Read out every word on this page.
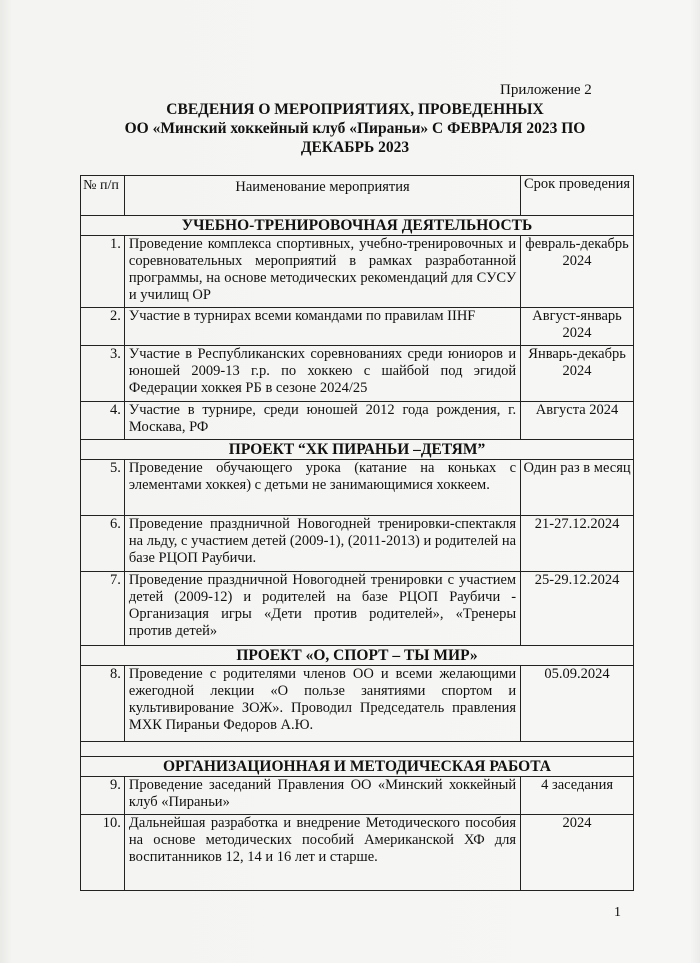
Приложение 2
СВЕДЕНИЯ О МЕРОПРИЯТИЯХ, ПРОВЕДЕННЫХ
ОО «Минский хоккейный клуб «Пираньи» С ФЕВРАЛЯ 2023 ПО
ДЕКАБРЬ 2023
№ п/п	Наименование мероприятия	Срок проведения
УЧЕБНО-ТРЕНИРОВОЧНАЯ ДЕЯТЕЛЬНОСТЬ		
1.	Проведение комплекса спортивных, учебно-тренировочных и соревновательных мероприятий в рамках разработанной программы, на основе методических рекомендаций для СУСУ и училищ ОР	февраль-декабрь 2024
2.	Участие в турнирах всеми командами по правилам IIHF	Август-январь 2024
3.	Участие в Республиканских соревнованиях среди юниоров и юношей 2009-13 г.р. по хоккею с шайбой под эгидой Федерации хоккея РБ в сезоне 2024/25	Январь-декабрь 2024
4.	Участие в турнире, среди юношей 2012 года рождения, г. Москава, РФ	Августа 2024
ПРОЕКТ “ХК ПИРАНЬИ –ДЕТЯМ”		
5.	Проведение обучающего урока (катание на коньках с элементами хоккея) с детьми не занимающимися хоккеем.	Один раз в месяц
6.	Проведение праздничной Новогодней тренировки-спектакля на льду, с участием детей (2009-1), (2011-2013) и родителей на базе РЦОП Раубичи.	21-27.12.2024
7.	Проведение праздничной Новогодней тренировки с участием детей (2009-12) и родителей на базе РЦОП Раубичи - Организация игры «Дети против родителей», «Тренеры против детей»	25-29.12.2024
ПРОЕКТ «О, СПОРТ – ТЫ МИР»		
8.	Проведение с родителями членов ОО и всеми желающими ежегодной лекции «О пользе занятиями спортом и культивирование ЗОЖ». Проводил Председатель правления МХК Пираньи Федоров А.Ю.	05.09.2024

ОРГАНИЗАЦИОННАЯ И МЕТОДИЧЕСКАЯ РАБОТА		
9.	Проведение заседаний Правления ОО «Минский хоккейный клуб «Пираньи»	4 заседания
10.	Дальнейшая разработка и внедрение Методического пособия на основе методических пособий Американской ХФ для воспитанников 12, 14 и 16 лет и старше.	2024
1
